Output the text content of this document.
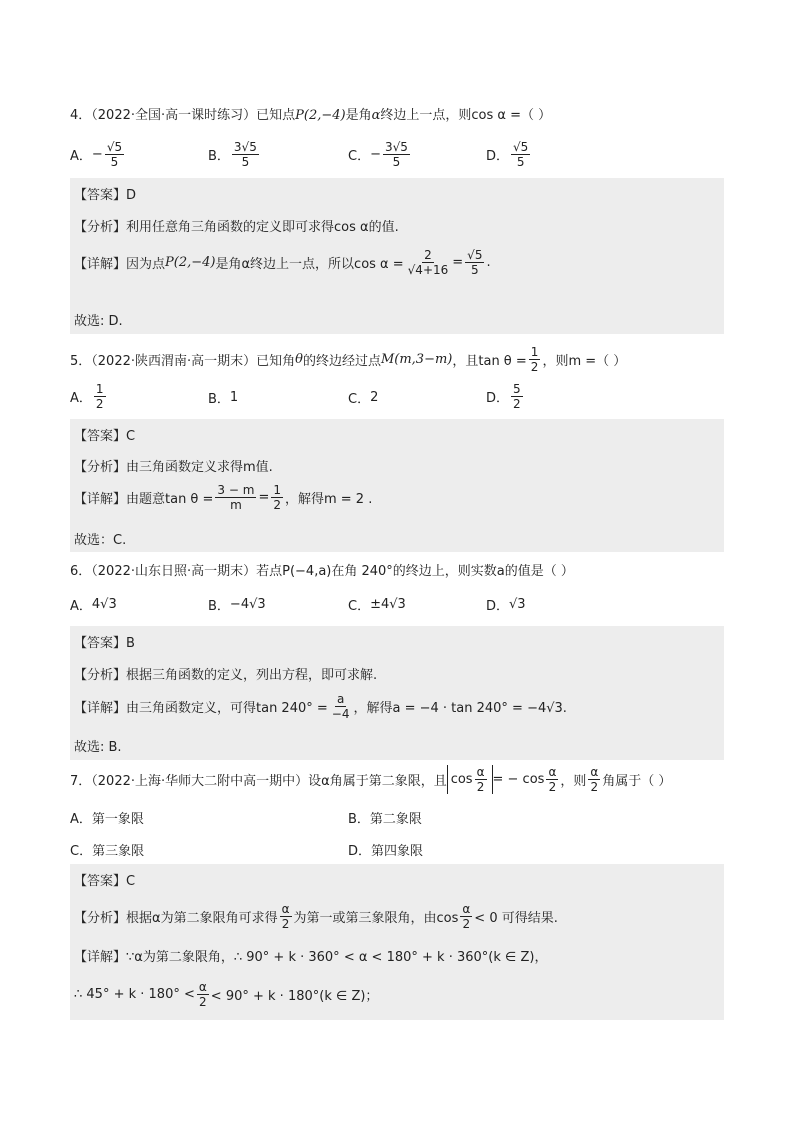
4．（2022·全国·高一课时练习）已知点P(2,−4)是角α终边上一点，则cos α =（ ）
A． − $\frac{√5}{5}$	B． $\frac{3√5}{5}$	C． − $\frac{3√5}{5}$	D． $\frac{√5}{5}$
【答案】D
【分析】利用任意角三角函数的定义即可求得cos α的值.
【详解】因为点 P(2,−4) 是角α终边上一点，所以$\cos \alpha = \frac{2}{√4+16} = \frac{√5}{5}$ .
故选: D.
5．（2022·陕西渭南·高一期末）已知角 θ 的终边经过点 M(m,3−m) ，且$\tan \theta = \frac{1}{2}$ ，则m =（ ）
A． $\frac{1}{2}$	B． 1	C． 2	D． $\frac{5}{2}$
【答案】C
【分析】由三角函数定义求得m值.
【详解】由题意$\tan \theta = \frac{3 - m}{m} = \frac{1}{2}$ ，解得m = 2 .
故选：C.
6．（2022·山东日照·高一期末）若点P(−4,a)在角 240°的终边上，则实数a的值是（ ）
A． 4√3	B． −4√3	C． ±4√3	D． √3
【答案】B
【分析】根据三角函数的定义，列出方程，即可求解.
【详解】由三角函数定义，可得$\tan 240^\circ = \frac{a}{-4}$ ，解得a = −4 · tan 240° = −4√3.
故选: B.
7．（2022·上海·华师大二附中高一期中）设α角属于第二象限，且 $\cos \frac{\alpha}{2}$ = − $\cos \frac{\alpha}{2}$ ，则 $\frac{\alpha}{2}$ 角属于（ ）
A． 第一象限	B． 第二象限
C． 第三象限	D． 第四象限
【答案】C
【分析】根据α为第二象限角可求得 $\frac{\alpha}{2}$ 为第一或第三象限角，由$\cos \frac{\alpha}{2} < 0$ 可得结果.
【详解】∵α为第二象限角，∴ 90° + k · 360° < α < 180° + k · 360°(k ∈ Z)，
∴ $45^\circ + k \cdot 180^\circ < \frac{\alpha}{2} < 90^\circ + k \cdot 180^\circ(k$ ∈ Z)；
